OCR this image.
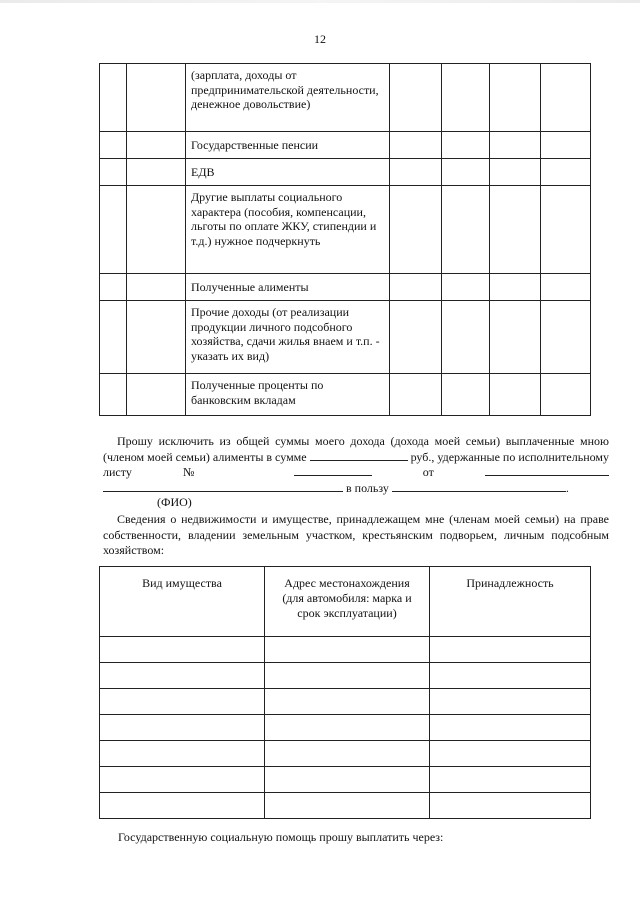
12
		(зарплата, доходы от предпринимательской деятельности, денежное довольствие)				
		Государственные пенсии				
		ЕДВ				
		Другие выплаты социального характера (пособия, компенсации, льготы по оплате ЖКУ, стипендии и т.д.) нужное подчеркнуть				
		Полученные алименты				
		Прочие доходы (от реализации продукции личного подсобного хозяйства, сдачи жилья внаем и т.п. - указать их вид)				
		Полученные проценты по банковским вкладам				
Прошу исключить из общей суммы моего дохода (дохода моей семьи) выплаченные мною (членом моей семьи) алименты в сумме	руб., удержанные по исполнительному листу №	от   в пользу	.
(ФИО)
Сведения о недвижимости и имуществе, принадлежащем мне (членам моей семьи) на праве собственности, владении земельным участком, крестьянским подворьем, личным подсобным хозяйством:
Вид имущества	Адрес местонахождения (для автомобиля: марка и срок эксплуатации)	Принадлежность

Государственную социальную помощь прошу выплатить через:
